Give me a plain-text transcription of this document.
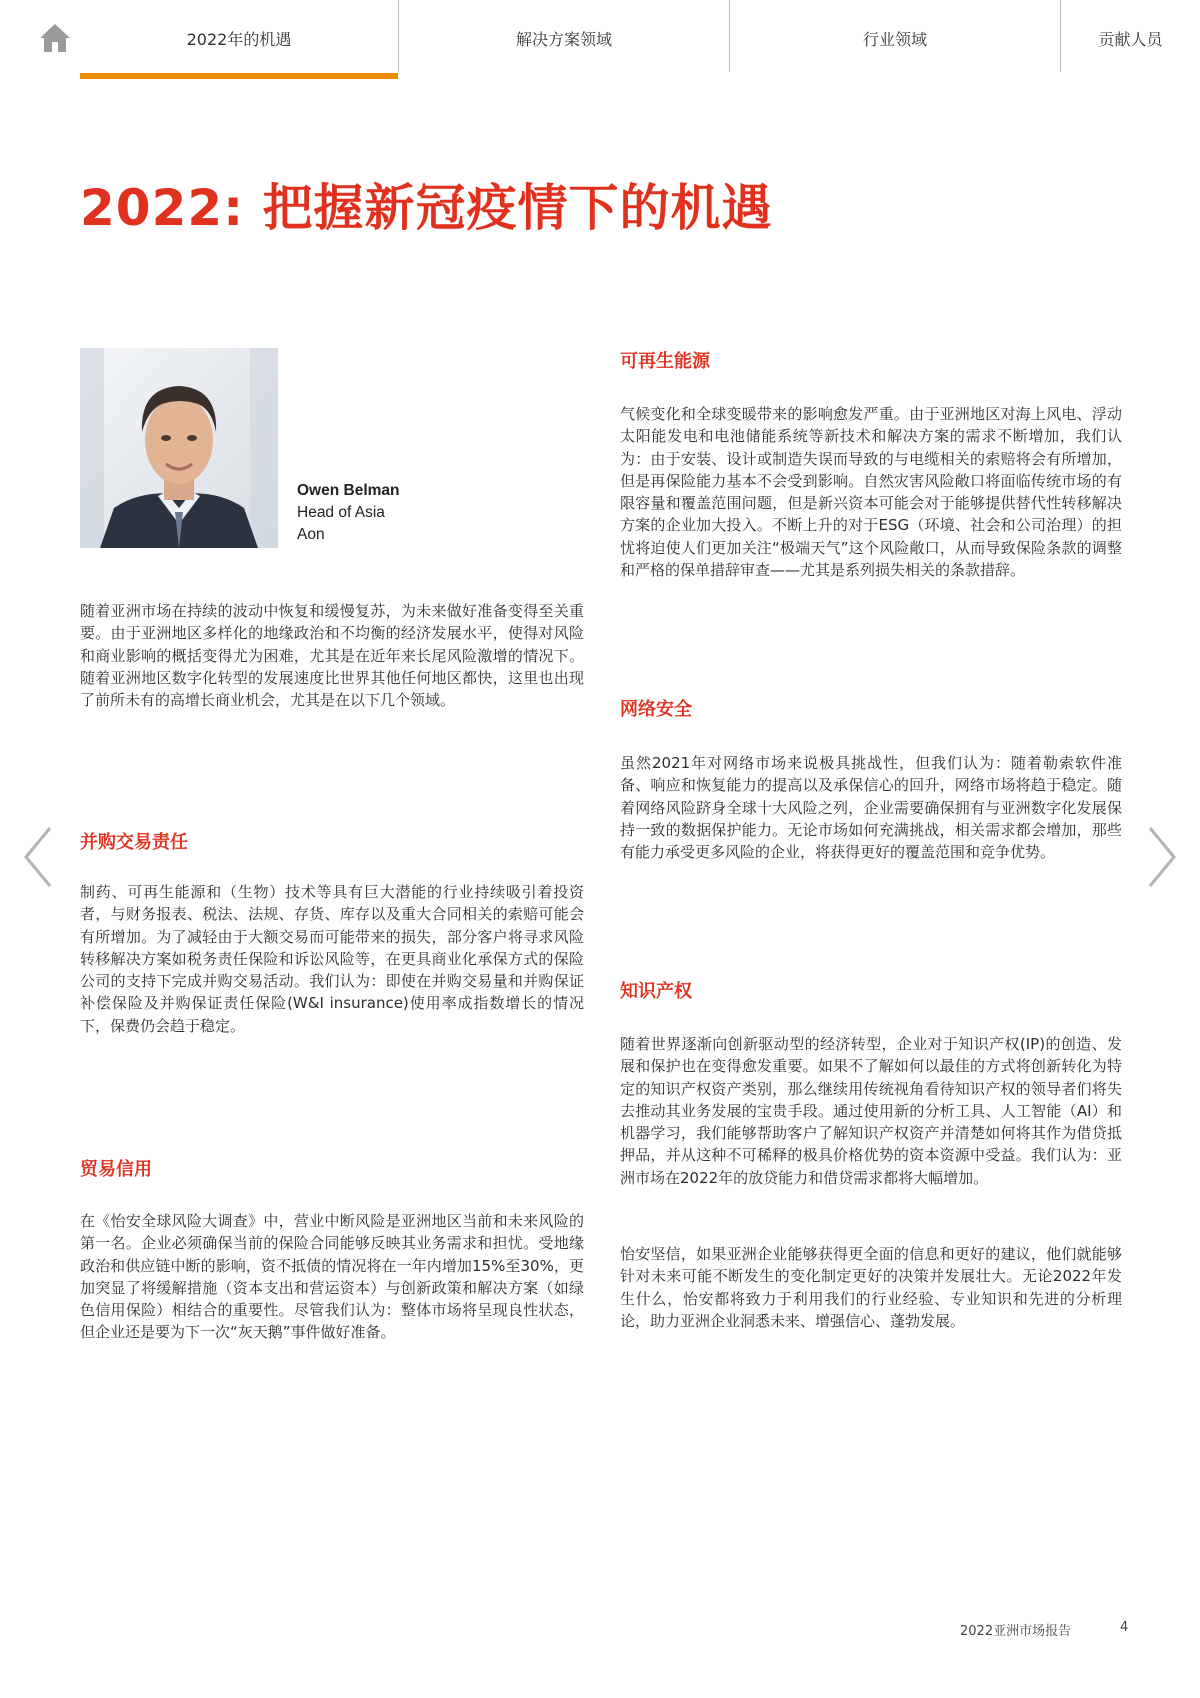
2022年的机遇	解决方案领域	行业领域	贡献人员
2022: 把握新冠疫情下的机遇
Owen Belman
Head of Asia
Aon

随着亚洲市场在持续的波动中恢复和缓慢复苏，为未来做好准备变得至关重要。由于亚洲地区多样化的地缘政治和不均衡的经济发展水平，使得对风险和商业影响的概括变得尤为困难，尤其是在近年来长尾风险激增的情况下。随着亚洲地区数字化转型的发展速度比世界其他任何地区都快，这里也出现了前所未有的高增长商业机会，尤其是在以下几个领域。

并购交易责任

制药、可再生能源和（生物）技术等具有巨大潜能的行业持续吸引着投资者，与财务报表、税法、法规、存货、库存以及重大合同相关的索赔可能会有所增加。为了减轻由于大额交易而可能带来的损失，部分客户将寻求风险转移解决方案如税务责任保险和诉讼风险等，在更具商业化承保方式的保险公司的支持下完成并购交易活动。我们认为：即使在并购交易量和并购保证补偿保险及并购保证责任保险(W&I insurance)使用率成指数增长的情况下，保费仍会趋于稳定。

贸易信用

在《怡安全球风险大调查》中，营业中断风险是亚洲地区当前和未来风险的第一名。企业必须确保当前的保险合同能够反映其业务需求和担忧。受地缘政治和供应链中断的影响，资不抵债的情况将在一年内增加15%至30%，更加突显了将缓解措施（资本支出和营运资本）与创新政策和解决方案（如绿色信用保险）相结合的重要性。尽管我们认为：整体市场将呈现良性状态，但企业还是要为下一次“灰天鹅”事件做好准备。

可再生能源

气候变化和全球变暖带来的影响愈发严重。由于亚洲地区对海上风电、浮动太阳能发电和电池储能系统等新技术和解决方案的需求不断增加，我们认为：由于安装、设计或制造失误而导致的与电缆相关的索赔将会有所增加，但是再保险能力基本不会受到影响。自然灾害风险敞口将面临传统市场的有限容量和覆盖范围问题，但是新兴资本可能会对于能够提供替代性转移解决方案的企业加大投入。不断上升的对于ESG（环境、社会和公司治理）的担忧将迫使人们更加关注“极端天气”这个风险敞口，从而导致保险条款的调整和严格的保单措辞审查——尤其是系列损失相关的条款措辞。

网络安全

虽然2021年对网络市场来说极具挑战性，但我们认为：随着勒索软件准备、响应和恢复能力的提高以及承保信心的回升，网络市场将趋于稳定。随着网络风险跻身全球十大风险之列，企业需要确保拥有与亚洲数字化发展保持一致的数据保护能力。无论市场如何充满挑战，相关需求都会增加，那些有能力承受更多风险的企业，将获得更好的覆盖范围和竞争优势。

知识产权

随着世界逐渐向创新驱动型的经济转型，企业对于知识产权(IP)的创造、发展和保护也在变得愈发重要。如果不了解如何以最佳的方式将创新转化为特定的知识产权资产类别，那么继续用传统视角看待知识产权的领导者们将失去推动其业务发展的宝贵手段。通过使用新的分析工具、人工智能（AI）和机器学习，我们能够帮助客户了解知识产权资产并清楚如何将其作为借贷抵押品，并从这种不可稀释的极具价格优势的资本资源中受益。我们认为：亚洲市场在2022年的放贷能力和借贷需求都将大幅增加。

怡安坚信，如果亚洲企业能够获得更全面的信息和更好的建议，他们就能够针对未来可能不断发生的变化制定更好的决策并发展壮大。无论2022年发生什么，怡安都将致力于利用我们的行业经验、专业知识和先进的分析理论，助力亚洲企业洞悉未来、增强信心、蓬勃发展。

2022亚洲市场报告	4
